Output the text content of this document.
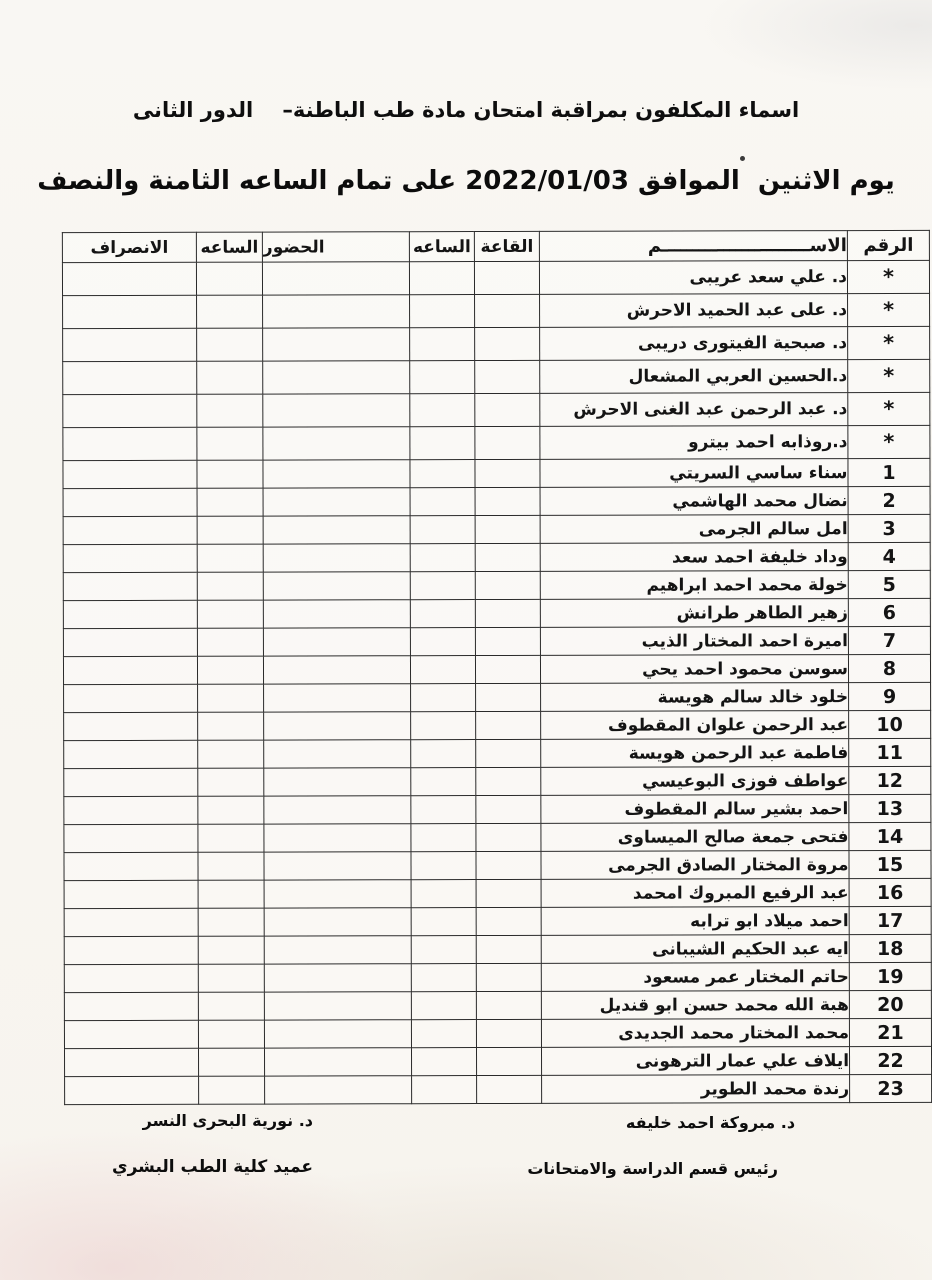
اسماء المكلفون بمراقبة امتحان مادة طب الباطنة–    الدور الثانى
يوم الاثنين  الموافق 2022/01/03 على تمام الساعه الثامنة والنصف
الرقم	الاســــــــــــــــــــــــم	القاعة	الساعه	الحضور	الساعه	الانصراف
*	د. علي سعد عريبى					
*	د. على عبد الحميد الاحرش					
*	د. صبحية الفيتورى دريبى					
*	د.الحسين العربي المشعال					
*	د. عبد الرحمن عبد الغنى الاحرش					
*	د.روذابه احمد بيترو					
1	سناء ساسي السريتي					
2	نضال محمد الهاشمي					
3	امل سالم الجرمى					
4	وداد خليفة احمد سعد					
5	خولة محمد احمد ابراهيم					
6	زهير الطاهر طرانش					
7	اميرة احمد المختار الذيب					
8	سوسن محمود احمد يحي					
9	خلود خالد سالم هويسة					
10	عبد الرحمن علوان المقطوف					
11	فاطمة عبد الرحمن هويسة					
12	عواطف فوزى البوعيسي					
13	احمد بشير سالم المقطوف					
14	فتحى جمعة صالح الميساوى					
15	مروة المختار الصادق الجرمى					
16	عبد الرفيع المبروك امحمد					
17	احمد ميلاد ابو ترابه					
18	ايه عبد الحكيم الشيبانى					
19	حاتم المختار عمر مسعود					
20	هبة الله محمد حسن ابو قنديل					
21	محمد المختار محمد الجديدى					
22	ايلاف علي عمار الترهونى					
23	رندة محمد الطوير					
د. مبروكة احمد خليفه
رئيس قسم الدراسة والامتحانات
د. نورية البحرى النسر
عميد كلية الطب البشري
